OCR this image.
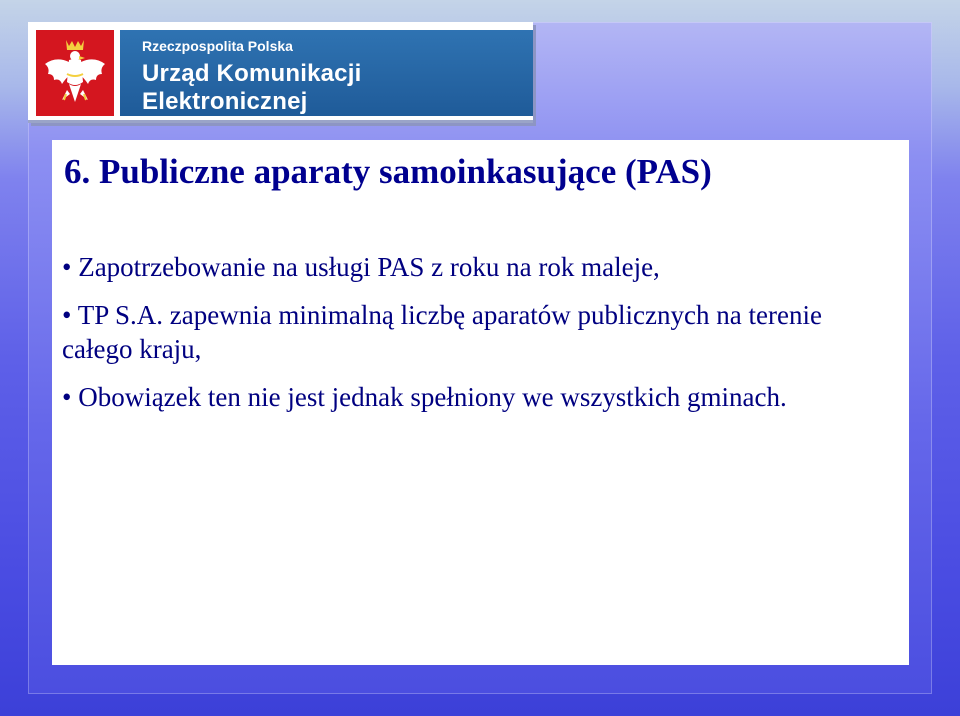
Rzeczpospolita Polska
Urząd Komunikacji Elektronicznej
6. Publiczne aparaty samoinkasujące (PAS)
• Zapotrzebowanie na usługi PAS z roku na rok maleje,
• TP S.A. zapewnia minimalną liczbę aparatów publicznych na terenie całego kraju,
• Obowiązek ten nie jest jednak spełniony we wszystkich gminach.
